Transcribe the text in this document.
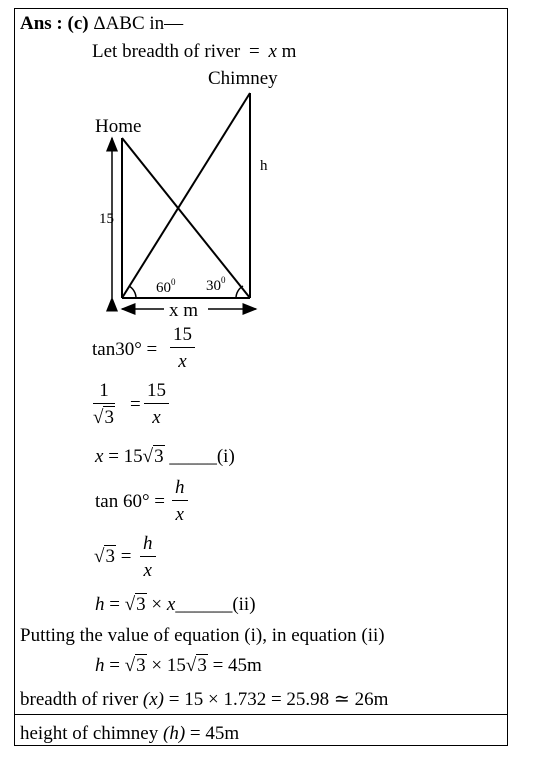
Ans : (c) ΔABC in—
Let breadth of river = x m
Chimney
Home
h
15
$60^0$ $30^0$
x m
$\tan 30^\circ = \frac{15}{x}$
$\frac{1}{√3} = \frac{15}{x}$
x = 15√3 _____(i)
$\tan 60^\circ = \frac{h}{x}$
$√3 = \frac{h}{x}$
h = √3 × x______(ii)
Putting the value of equation (i), in equation (ii)
h = √3 × 15√3 = 45m
breadth of river (x) = 15 × 1.732 = 25.98 ≃ 26m
height of chimney (h) = 45m
